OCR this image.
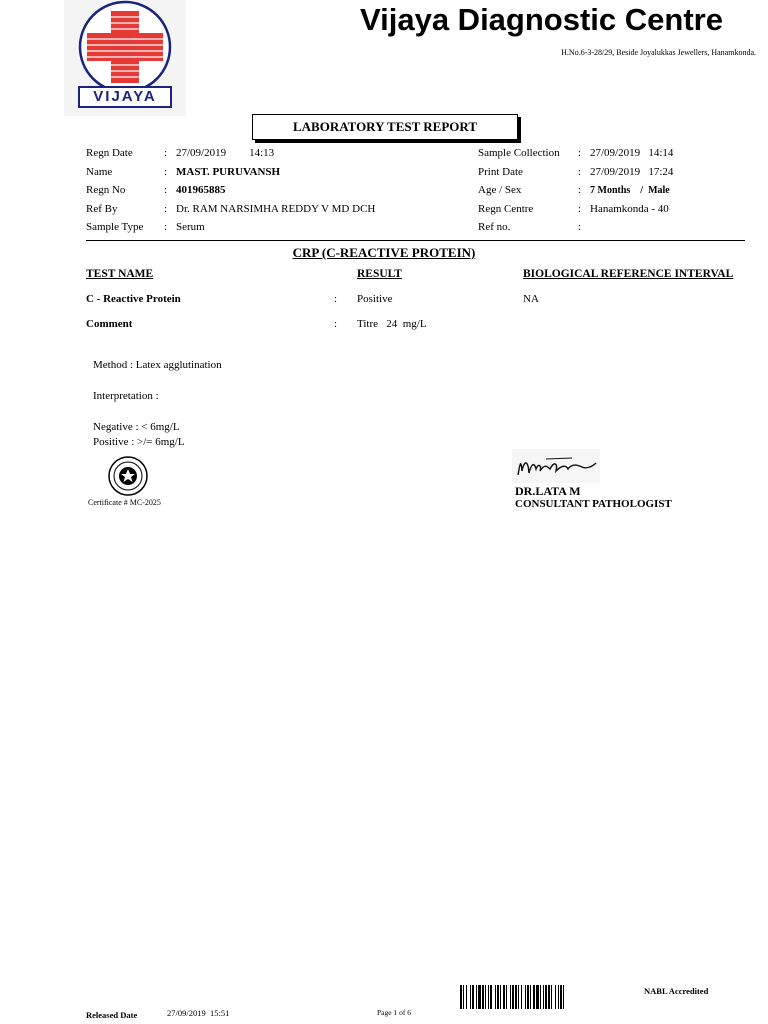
VIJAYA
Vijaya Diagnostic Centre
H.No.6-3-28/29, Beside Joyalukkas Jewellers, Hanamkonda.
LABORATORY TEST REPORT
Regn Date	:	27/09/2019 14:13
Name	:	MAST. PURUVANSH
Regn No	:	401965885
Ref By	:	Dr. RAM NARSIMHA REDDY V MD DCH
Sample Type	:	Serum
Sample Collection	:	27/09/2019   14:14
Print Date	:	27/09/2019   17:24
Age / Sex	:	7 Months /  Male
Regn Centre	:	Hanamkonda - 40
Ref no.	:	
CRP (C-REACTIVE PROTEIN)
TEST NAME	RESULT	BIOLOGICAL REFERENCE INTERVAL
C - Reactive Protein	: Positive	NA
Comment	: Titre   24  mg/L
Method : Latex agglutination
Interpretation :
Negative : < 6mg/L
Positive : >/= 6mg/L
Certificate # MC-2025
DR.LATA M
CONSULTANT PATHOLOGIST
NABL Accredited
Released Date	27/09/2019  15:51	Page 1 of 6
